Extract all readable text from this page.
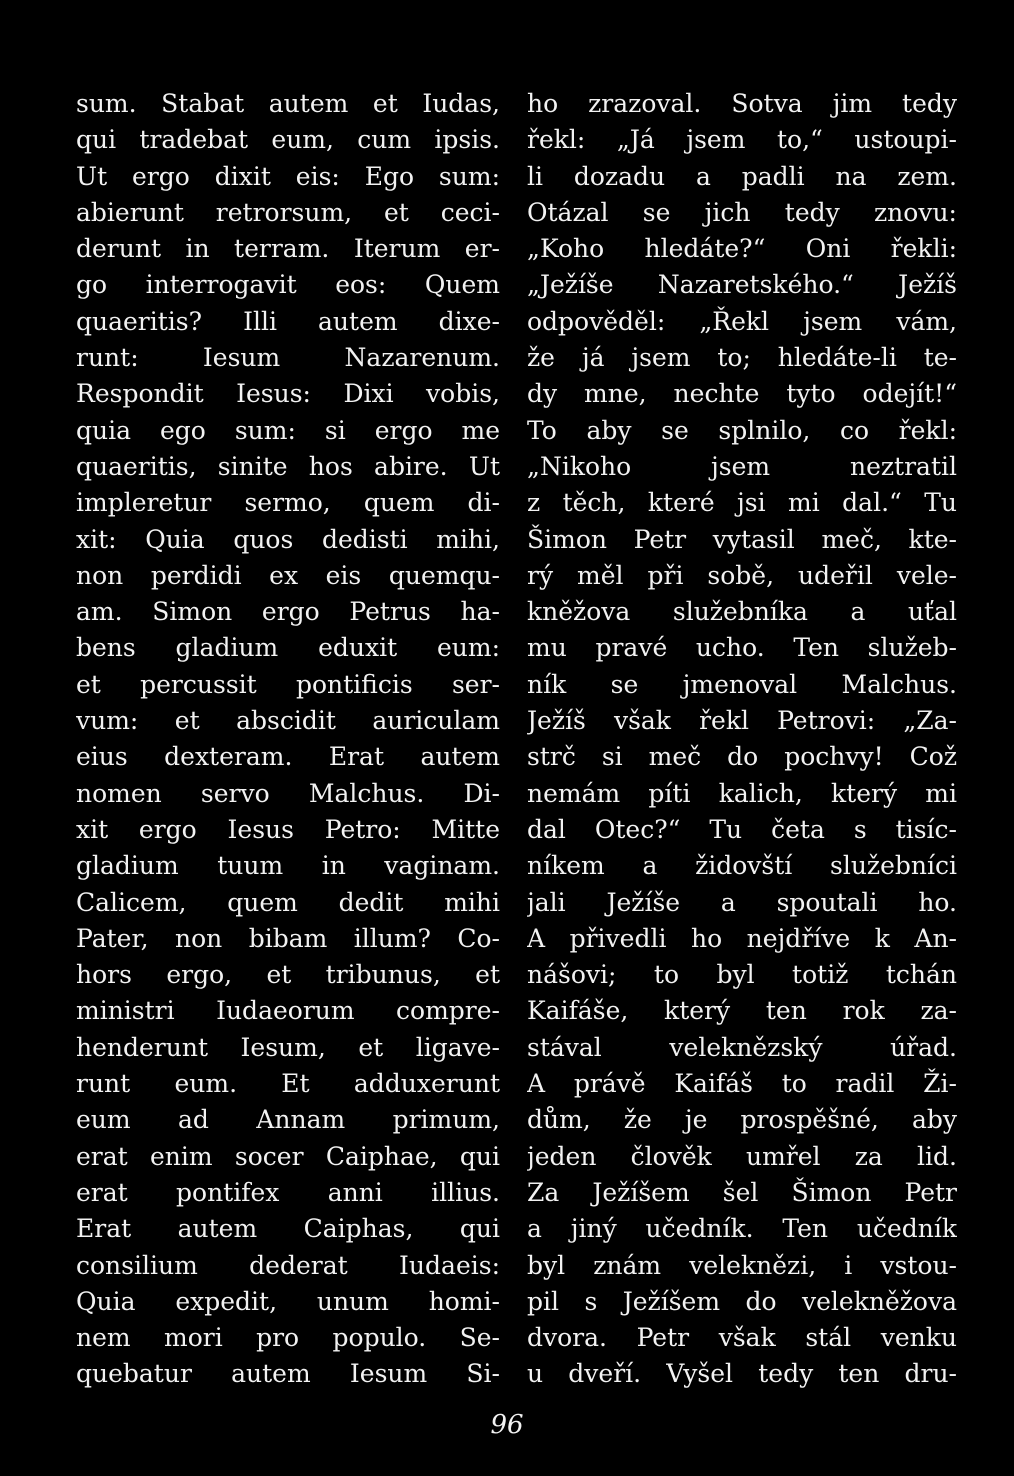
sum. Stabat autem et Iudas,
qui tradebat eum, cum ipsis.
Ut ergo dixit eis: Ego sum:
abierunt retrorsum, et ceci-
derunt in terram. Iterum er-
go interrogavit eos: Quem
quaeritis? Illi autem dixe-
runt: Iesum Nazarenum.
Respondit Iesus: Dixi vobis,
quia ego sum: si ergo me
quaeritis, sinite hos abire. Ut
impleretur sermo, quem di-
xit: Quia quos dedisti mihi,
non perdidi ex eis quemqu-
am. Simon ergo Petrus ha-
bens gladium eduxit eum:
et percussit pontificis ser-
vum: et abscidit auriculam
eius dexteram. Erat autem
nomen servo Malchus. Di-
xit ergo Iesus Petro: Mitte
gladium tuum in vaginam.
Calicem, quem dedit mihi
Pater, non bibam illum? Co-
hors ergo, et tribunus, et
ministri Iudaeorum compre-
henderunt Iesum, et ligave-
runt eum. Et adduxerunt
eum ad Annam primum,
erat enim socer Caiphae, qui
erat pontifex anni illius.
Erat autem Caiphas, qui
consilium dederat Iudaeis:
Quia expedit, unum homi-
nem mori pro populo. Se-
quebatur autem Iesum Si-
ho zrazoval. Sotva jim tedy
řekl: „Já jsem to,“ ustoupi-
li dozadu a padli na zem.
Otázal se jich tedy znovu:
„Koho hledáte?“ Oni řekli:
„Ježíše Nazaretského.“ Ježíš
odpověděl: „Řekl jsem vám,
že já jsem to; hledáte-li te-
dy mne, nechte tyto odejít!“
To aby se splnilo, co řekl:
„Nikoho jsem neztratil
z těch, které jsi mi dal.“ Tu
Šimon Petr vytasil meč, kte-
rý měl při sobě, udeřil vele-
kněžova služebníka a uťal
mu pravé ucho. Ten služeb-
ník se jmenoval Malchus.
Ježíš však řekl Petrovi: „Za-
strč si meč do pochvy! Což
nemám píti kalich, který mi
dal Otec?“ Tu četa s tisíc-
níkem a židovští služebníci
jali Ježíše a spoutali ho.
A přivedli ho nejdříve k An-
nášovi; to byl totiž tchán
Kaifáše, který ten rok za-
stával veleknězský úřad.
A právě Kaifáš to radil Ži-
dům, že je prospěšné, aby
jeden člověk umřel za lid.
Za Ježíšem šel Šimon Petr
a jiný učedník. Ten učedník
byl znám veleknězi, i vstou-
pil s Ježíšem do velekněžova
dvora. Petr však stál venku
u dveří. Vyšel tedy ten dru-
96
